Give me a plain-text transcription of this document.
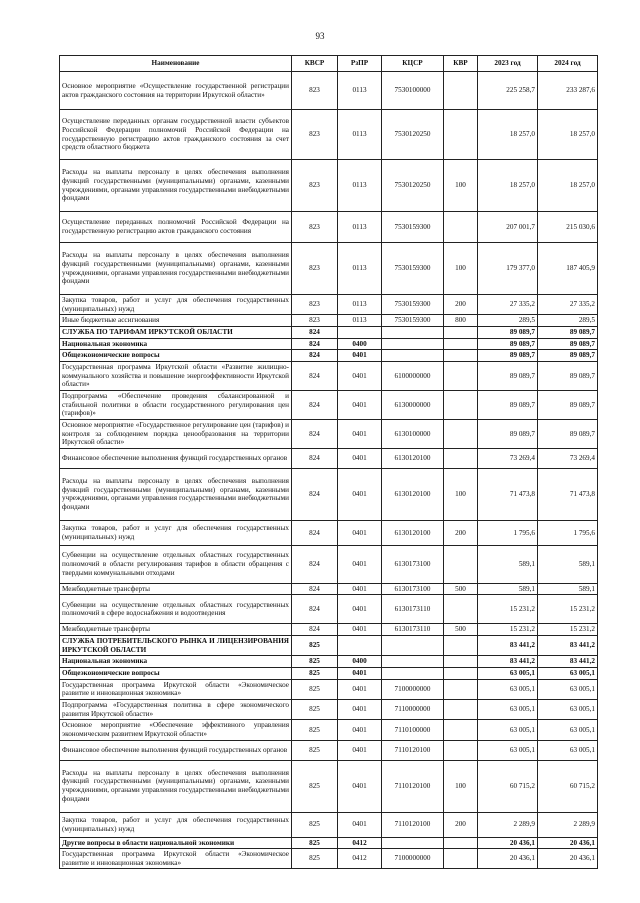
93
Наименование	КВСР	РзПР	КЦСР	КВР	2023 год	2024 год
Основное мероприятие «Осуществление государственной регистрации актов гражданского состояния на территории Иркутской области»	823	0113	7530100000		225 258,7	233 287,6
Осуществление переданных органам государственной власти субъектов Российской Федерации полномочий Российской Федерации на государственную регистрацию актов гражданского состояния за счет средств областного бюджета	823	0113	7530120250		18 257,0	18 257,0
Расходы на выплаты персоналу в целях обеспечения выполнения функций государственными (муниципальными) органами, казенными учреждениями, органами управления государственными внебюджетными фондами	823	0113	7530120250	100	18 257,0	18 257,0
Осуществление переданных полномочий Российской Федерации на государственную регистрацию актов гражданского состояния	823	0113	7530159300		207 001,7	215 030,6
Расходы на выплаты персоналу в целях обеспечения выполнения функций государственными (муниципальными) органами, казенными учреждениями, органами управления государственными внебюджетными фондами	823	0113	7530159300	100	179 377,0	187 405,9
Закупка товаров, работ и услуг для обеспечения государственных (муниципальных) нужд	823	0113	7530159300	200	27 335,2	27 335,2
Иные бюджетные ассигнования	823	0113	7530159300	800	289,5	289,5
СЛУЖБА ПО ТАРИФАМ ИРКУТСКОЙ ОБЛАСТИ	824				89 089,7	89 089,7
Национальная экономика	824	0400			89 089,7	89 089,7
Общеэкономические вопросы	824	0401			89 089,7	89 089,7
Государственная программа Иркутской области «Развитие жилищно-коммунального хозяйства и повышение энергоэффективности Иркутской области»	824	0401	6100000000		89 089,7	89 089,7
Подпрограмма «Обеспечение проведения сбалансированной и стабильной политики в области государственного регулирования цен (тарифов)»	824	0401	6130000000		89 089,7	89 089,7
Основное мероприятие «Государственное регулирование цен (тарифов) и контроля за соблюдением порядка ценообразования на территории Иркутской области»	824	0401	6130100000		89 089,7	89 089,7
Финансовое обеспечение выполнения функций государственных органов	824	0401	6130120100		73 269,4	73 269,4
Расходы на выплаты персоналу в целях обеспечения выполнения функций государственными (муниципальными) органами, казенными учреждениями, органами управления государственными внебюджетными фондами	824	0401	6130120100	100	71 473,8	71 473,8
Закупка товаров, работ и услуг для обеспечения государственных (муниципальных) нужд	824	0401	6130120100	200	1 795,6	1 795,6
Субвенции на осуществление отдельных областных государственных полномочий в области регулирования тарифов в области обращения с твердыми коммунальными отходами	824	0401	6130173100		589,1	589,1
Межбюджетные трансферты	824	0401	6130173100	500	589,1	589,1
Субвенции на осуществление отдельных областных государственных полномочий в сфере водоснабжения и водоотведения	824	0401	6130173110		15 231,2	15 231,2
Межбюджетные трансферты	824	0401	6130173110	500	15 231,2	15 231,2
СЛУЖБА ПОТРЕБИТЕЛЬСКОГО РЫНКА И ЛИЦЕНЗИРОВАНИЯ ИРКУТСКОЙ ОБЛАСТИ	825				83 441,2	83 441,2
Национальная экономика	825	0400			83 441,2	83 441,2
Общеэкономические вопросы	825	0401			63 005,1	63 005,1
Государственная программа Иркутской области «Экономическое развитие и инновационная экономика»	825	0401	7100000000		63 005,1	63 005,1
Подпрограмма «Государственная политика в сфере экономического развития Иркутской области»	825	0401	7110000000		63 005,1	63 005,1
Основное мероприятие «Обеспечение эффективного управления экономическим развитием Иркутской области»	825	0401	7110100000		63 005,1	63 005,1
Финансовое обеспечение выполнения функций государственных органов	825	0401	7110120100		63 005,1	63 005,1
Расходы на выплаты персоналу в целях обеспечения выполнения функций государственными (муниципальными) органами, казенными учреждениями, органами управления государственными внебюджетными фондами	825	0401	7110120100	100	60 715,2	60 715,2
Закупка товаров, работ и услуг для обеспечения государственных (муниципальных) нужд	825	0401	7110120100	200	2 289,9	2 289,9
Другие вопросы в области национальной экономики	825	0412			20 436,1	20 436,1
Государственная программа Иркутской области «Экономическое развитие и инновационная экономика»	825	0412	7100000000		20 436,1	20 436,1
